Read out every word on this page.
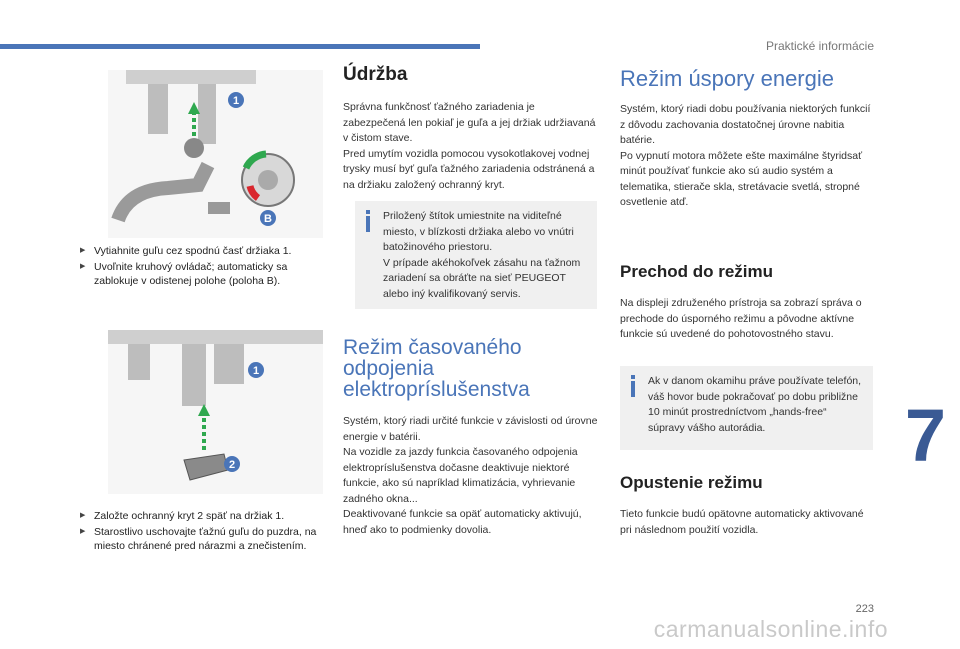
Praktické informácie
7
223
carmanualsonline.info
1
B
▶ Vytiahnite guľu cez spodnú časť držiaka 1.
▶ Uvoľnite kruhový ovládač; automaticky sa zablokuje v odistenej polohe (poloha B).
1
2
▶ Založte ochranný kryt 2 späť na držiak 1.
▶ Starostlivo uschovajte ťažnú guľu do puzdra, na miesto chránené pred nárazmi a znečistením.
Údržba

Správna funkčnosť ťažného zariadenia je zabezpečená len pokiaľ je guľa a jej držiak udržiavaná v čistom stave.

Pred umytím vozidla pomocou vysokotlakovej vodnej trysky musí byť guľa ťažného zariadenia odstránená a na držiaku založený ochranný kryt.

Priložený štítok umiestnite na viditeľné miesto, v blízkosti držiaka alebo vo vnútri batožinového priestoru.
V prípade akéhokoľvek zásahu na ťažnom zariadení sa obráťte na sieť PEUGEOT alebo iný kvalifikovaný servis.
Režim časovaného
odpojenia
elektropríslušenstva

Systém, ktorý riadi určité funkcie v závislosti od úrovne energie v batérii.

Na vozidle za jazdy funkcia časovaného odpojenia elektropríslušenstva dočasne deaktivuje niektoré funkcie, ako sú napríklad klimatizácia, vyhrievanie zadného okna...

Deaktivované funkcie sa opäť automaticky aktivujú, hneď ako to podmienky dovolia.

Režim úspory energie

Systém, ktorý riadi dobu používania niektorých funkcií z dôvodu zachovania dostatočnej úrovne nabitia batérie.

Po vypnutí motora môžete ešte maximálne štyridsať minút používať funkcie ako sú audio systém a telematika, stierače skla, stretávacie svetlá, stropné osvetlenie atď.

Prechod do režimu

Na displeji združeného prístroja sa zobrazí správa o prechode do úsporného režimu a pôvodne aktívne funkcie sú uvedené do pohotovostného stavu.

Ak v danom okamihu práve používate telefón, váš hovor bude pokračovať po dobu približne 10 minút prostredníctvom „hands-free“ súpravy vášho autorádia.
Opustenie režimu

Tieto funkcie budú opätovne automaticky aktivované pri následnom použití vozidla.
